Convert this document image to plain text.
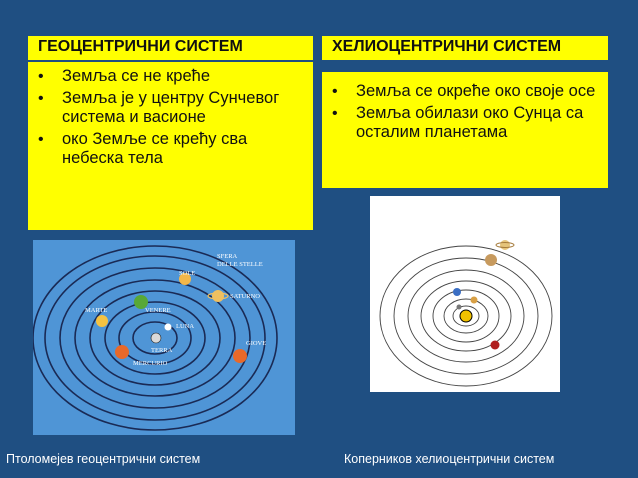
ГЕОЦЕНТРИЧНИ СИСТЕМ	ХЕЛИОЦЕНТРИЧНИ СИСТЕМ
• Земља се не креће
• Земља је у центру Сунчевог система и васионе
• око Земље се крећу сва небеска тела
• Земља се окреће око своје осе
• Земља обилази око Сунца са осталим планетама
SFERA
DELLE STELLE
MARTE	VENERE
SATURNO
LUNA
TERRA
GIOVE
MERCURIO
SOLE
Птоломејев геоцентрични систем	Коперников хелиоцентрични систем
